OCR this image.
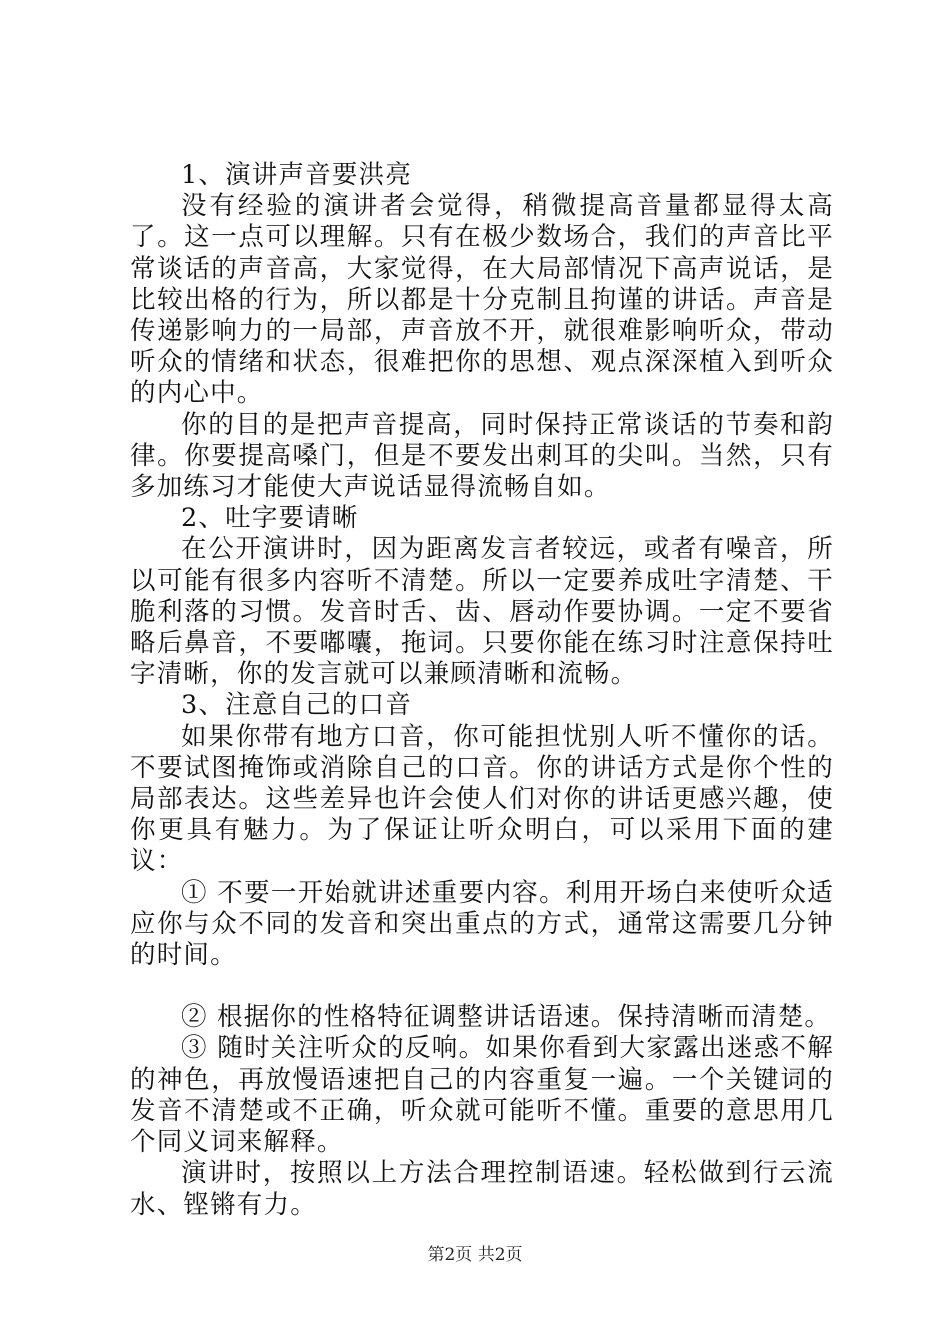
1、演讲声音要洪亮

没有经验的演讲者会觉得，稍微提高音量都显得太高了。这一点可以理解。只有在极少数场合，我们的声音比平常谈话的声音高，大家觉得，在大局部情况下高声说话，是比较出格的行为，所以都是十分克制且拘谨的讲话。声音是传递影响力的一局部，声音放不开，就很难影响听众，带动听众的情绪和状态，很难把你的思想、观点深深植入到听众的内心中。

你的目的是把声音提高，同时保持正常谈话的节奏和韵律。你要提高嗓门，但是不要发出刺耳的尖叫。当然，只有多加练习才能使大声说话显得流畅自如。

2、吐字要请晰

在公开演讲时，因为距离发言者较远，或者有噪音，所以可能有很多内容听不清楚。所以一定要养成吐字清楚、干脆利落的习惯。发音时舌、齿、唇动作要协调。一定不要省略后鼻音，不要嘟囔，拖词。只要你能在练习时注意保持吐字清晰，你的发言就可以兼顾清晰和流畅。

3、注意自己的口音

如果你带有地方口音，你可能担忧别人听不懂你的话。不要试图掩饰或消除自己的口音。你的讲话方式是你个性的局部表达。这些差异也许会使人们对你的讲话更感兴趣，使你更具有魅力。为了保证让听众明白，可以采用下面的建议：

① 不要一开始就讲述重要内容。利用开场白来使听众适应你与众不同的发音和突出重点的方式，通常这需要几分钟的时间。

② 根据你的性格特征调整讲话语速。保持清晰而清楚。

③ 随时关注听众的反响。如果你看到大家露出迷惑不解的神色，再放慢语速把自己的内容重复一遍。一个关键词的发音不清楚或不正确，听众就可能听不懂。重要的意思用几个同义词来解释。

演讲时，按照以上方法合理控制语速。轻松做到行云流水、铿锵有力。

第2页 共2页
